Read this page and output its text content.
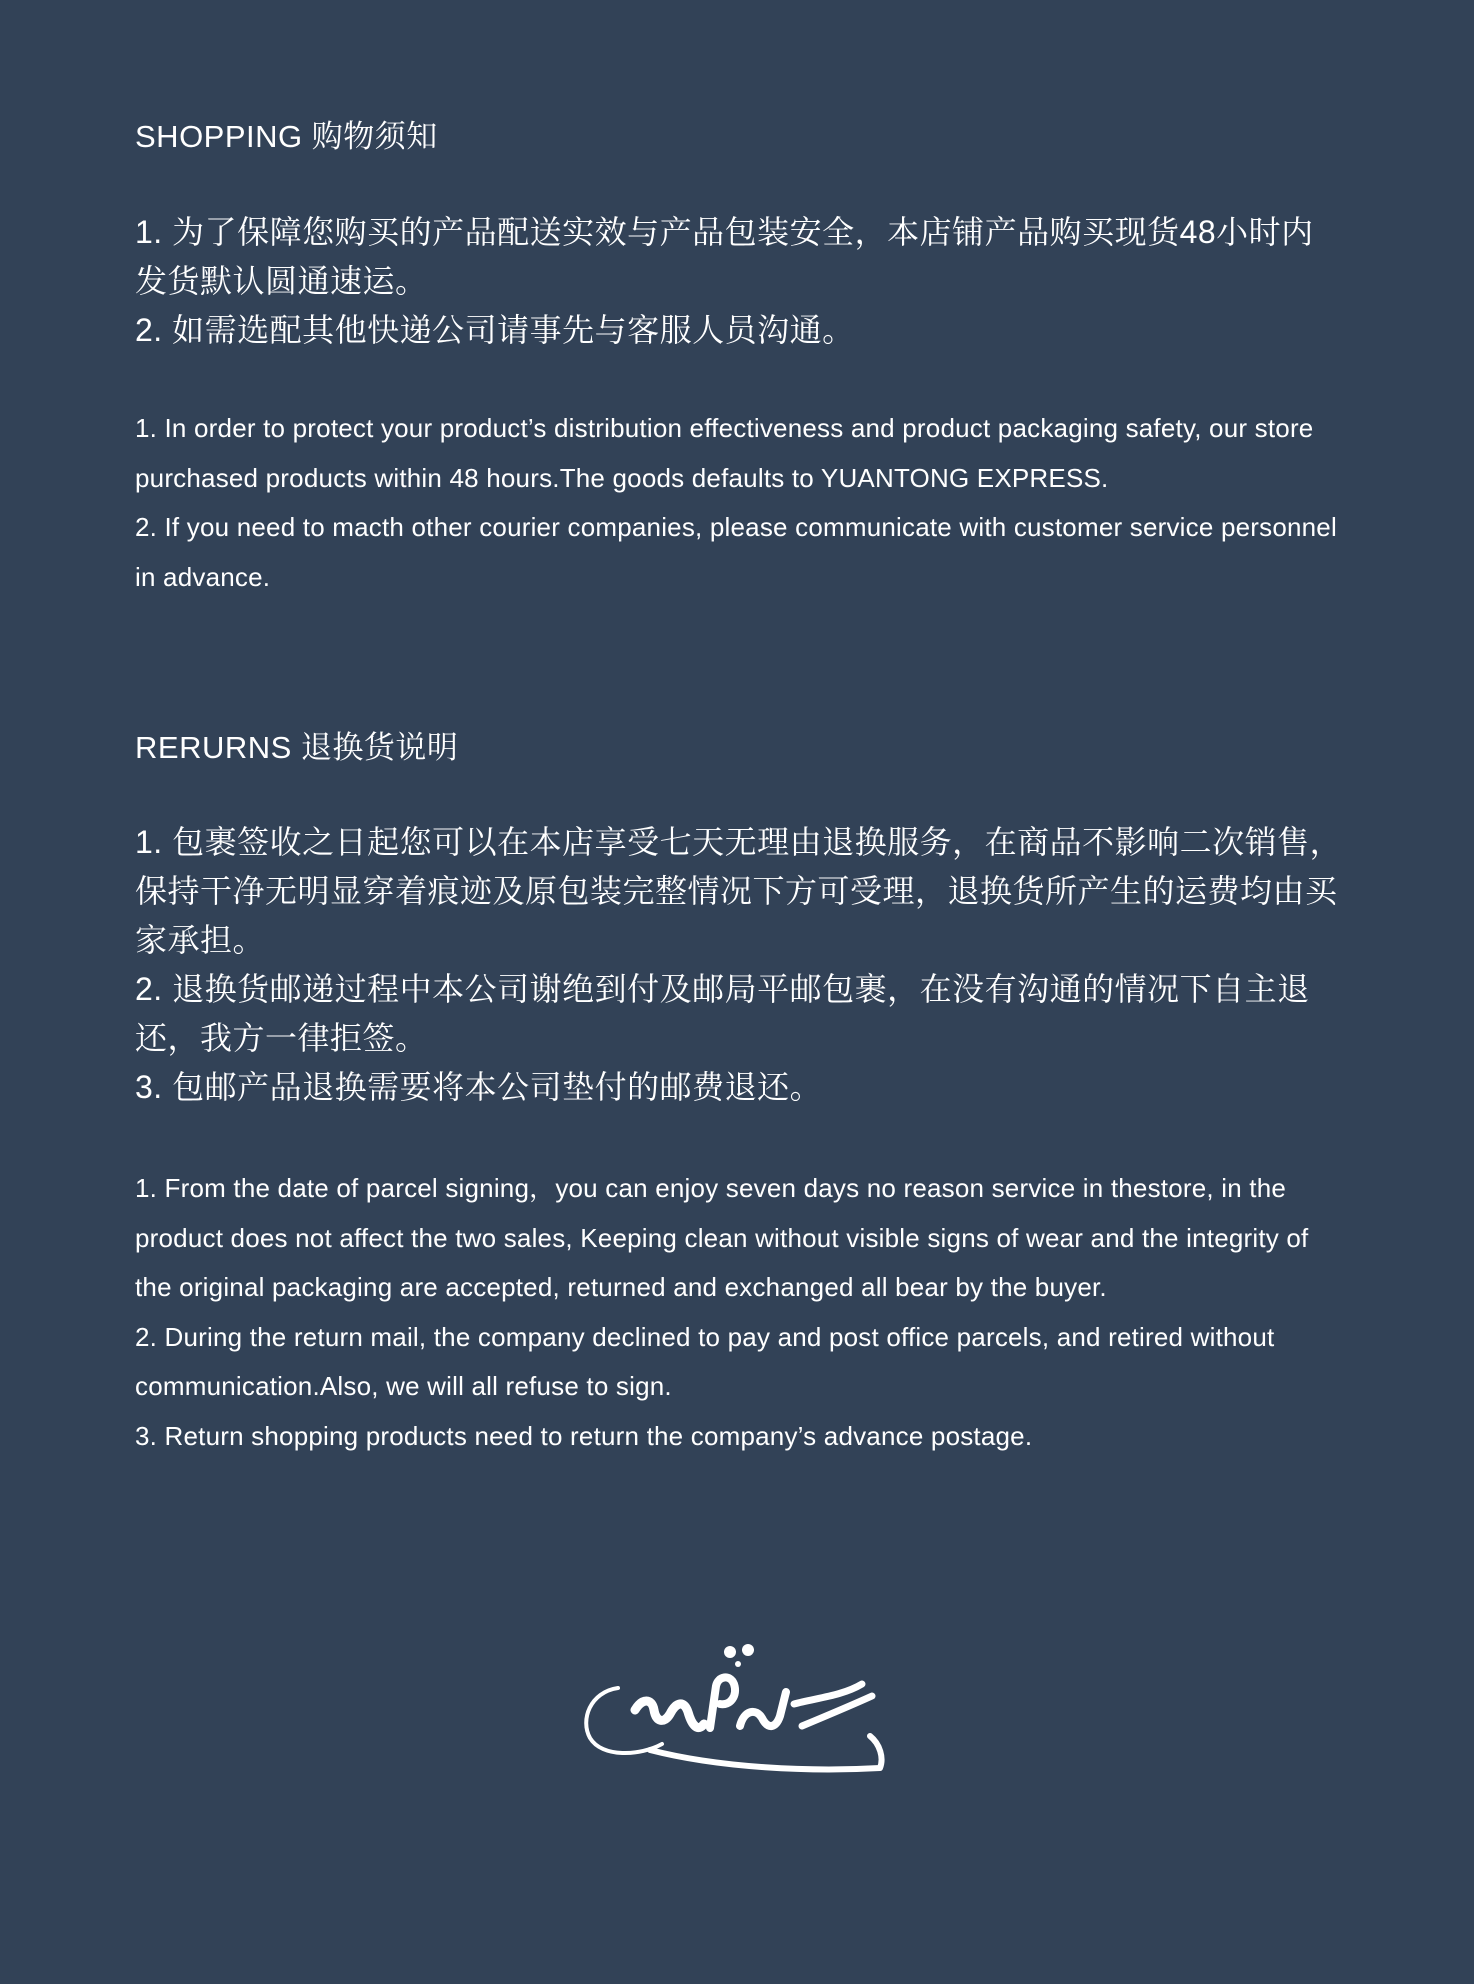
SHOPPING 购物须知
1. 为了保障您购买的产品配送实效与产品包装安全，本店铺产品购买现货48小时内发货默认圆通速运。
2. 如需选配其他快递公司请事先与客服人员沟通。
1. In order to protect your product’s distribution effectiveness and product packaging safety, our store purchased products within 48 hours.The goods defaults to YUANTONG EXPRESS.
2. If you need to macth other courier companies, please communicate with customer service personnel in advance.
RERURNS 退换货说明
1. 包裹签收之日起您可以在本店享受七天无理由退换服务，在商品不影响二次销售，保持干净无明显穿着痕迹及原包装完整情况下方可受理，退换货所产生的运费均由买家承担。
2. 退换货邮递过程中本公司谢绝到付及邮局平邮包裹，在没有沟通的情况下自主退还，我方一律拒签。
3. 包邮产品退换需要将本公司垫付的邮费退还。
1. From the date of parcel signing，you can enjoy seven days no reason service in thestore, in the product does not affect the two sales, Keeping clean without visible signs of wear and the integrity of the original packaging are accepted, returned and exchanged all bear by the buyer.
2. During the return mail, the company declined to pay and post office parcels, and retired without communication.Also, we will all refuse to sign.
3. Return shopping products need to return the company’s advance postage.
